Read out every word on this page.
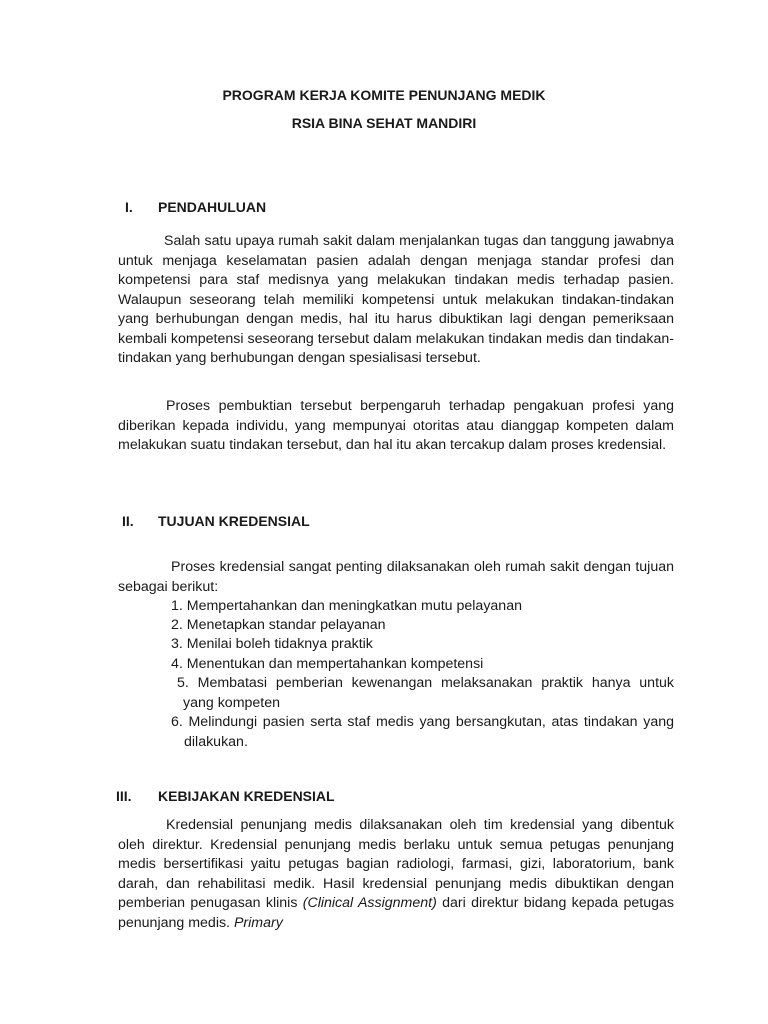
PROGRAM KERJA KOMITE PENUNJANG MEDIK
RSIA BINA SEHAT MANDIRI
I. PENDAHULUAN

Salah satu upaya rumah sakit dalam menjalankan tugas dan tanggung jawabnya untuk menjaga keselamatan pasien adalah dengan menjaga standar profesi dan kompetensi para staf medisnya yang melakukan tindakan medis terhadap pasien. Walaupun seseorang telah memiliki kompetensi untuk melakukan tindakan-tindakan yang berhubungan dengan medis, hal itu harus dibuktikan lagi dengan pemeriksaan kembali kompetensi seseorang tersebut dalam melakukan tindakan medis dan tindakan-tindakan yang berhubungan dengan spesialisasi tersebut.

Proses pembuktian tersebut berpengaruh terhadap pengakuan profesi yang diberikan kepada individu, yang mempunyai otoritas atau dianggap kompeten dalam melakukan suatu tindakan tersebut, dan hal itu akan tercakup dalam proses kredensial.

II. TUJUAN KREDENSIAL

Proses kredensial sangat penting dilaksanakan oleh rumah sakit dengan tujuan sebagai berikut:

1. Mempertahankan dan meningkatkan mutu pelayanan
2. Menetapkan standar pelayanan
3. Menilai boleh tidaknya praktik
4. Menentukan dan mempertahankan kompetensi
5. Membatasi pemberian kewenangan melaksanakan praktik hanya untuk yang kompeten
6. Melindungi pasien serta staf medis yang bersangkutan, atas tindakan yang dilakukan.
III. KEBIJAKAN KREDENSIAL

Kredensial penunjang medis dilaksanakan oleh tim kredensial yang dibentuk oleh direktur. Kredensial penunjang medis berlaku untuk semua petugas penunjang medis bersertifikasi yaitu petugas bagian radiologi, farmasi, gizi, laboratorium, bank darah, dan rehabilitasi medik. Hasil kredensial penunjang medis dibuktikan dengan pemberian penugasan klinis (Clinical Assignment) dari direktur bidang kepada petugas penunjang medis. Primary
